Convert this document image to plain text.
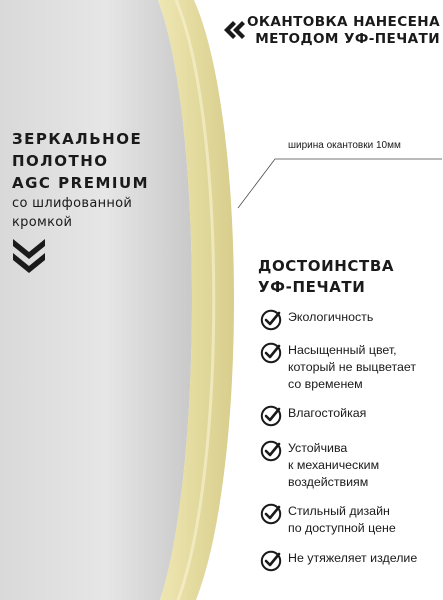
ОКАНТОВКА НАНЕСЕНА
МЕТОДОМ УФ-ПЕЧАТИ
ЗЕРКАЛЬНОЕ
ПОЛОТНО
AGC PREMIUM
со шлифованной
кромкой
ширина окантовки 10мм
ДОСТОИНСТВА
УФ-ПЕЧАТИ
Экологичность
Насыщенный цвет,
который не выцветает
со временем
Влагостойкая
Устойчива
к механическим
воздействиям
Стильный дизайн
по доступной цене
Не утяжеляет изделие
